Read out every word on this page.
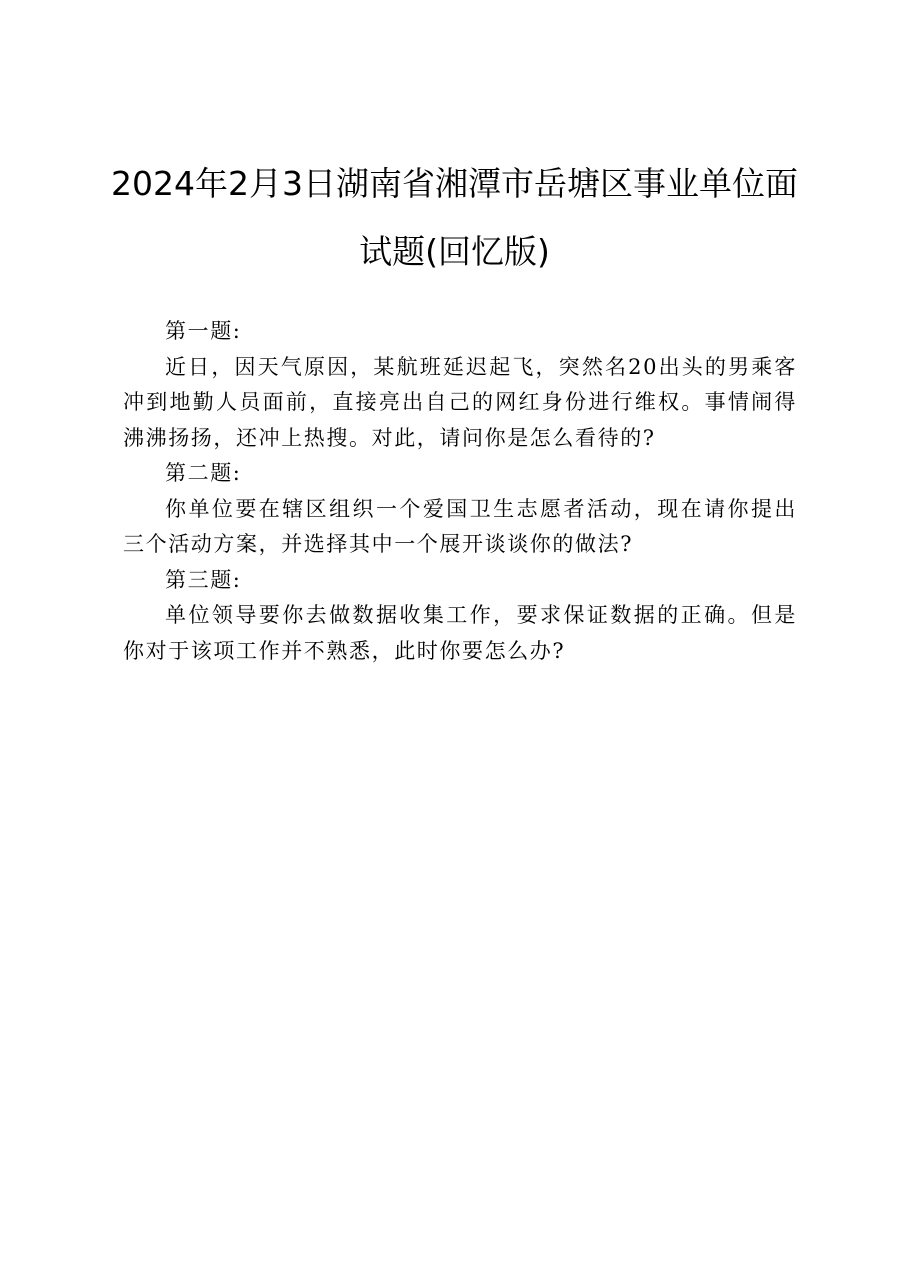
2024年2月3日湖南省湘潭市岳塘区事业单位面试题(回忆版)

第一题:

近日，因天气原因，某航班延迟起飞，突然名20出头的男乘客冲到地勤人员面前，直接亮出自己的网红身份进行维权。事情闹得沸沸扬扬，还冲上热搜。对此，请问你是怎么看待的?

第二题:

你单位要在辖区组织一个爱国卫生志愿者活动，现在请你提出三个活动方案，并选择其中一个展开谈谈你的做法?

第三题:

单位领导要你去做数据收集工作，要求保证数据的正确。但是你对于该项工作并不熟悉，此时你要怎么办?
